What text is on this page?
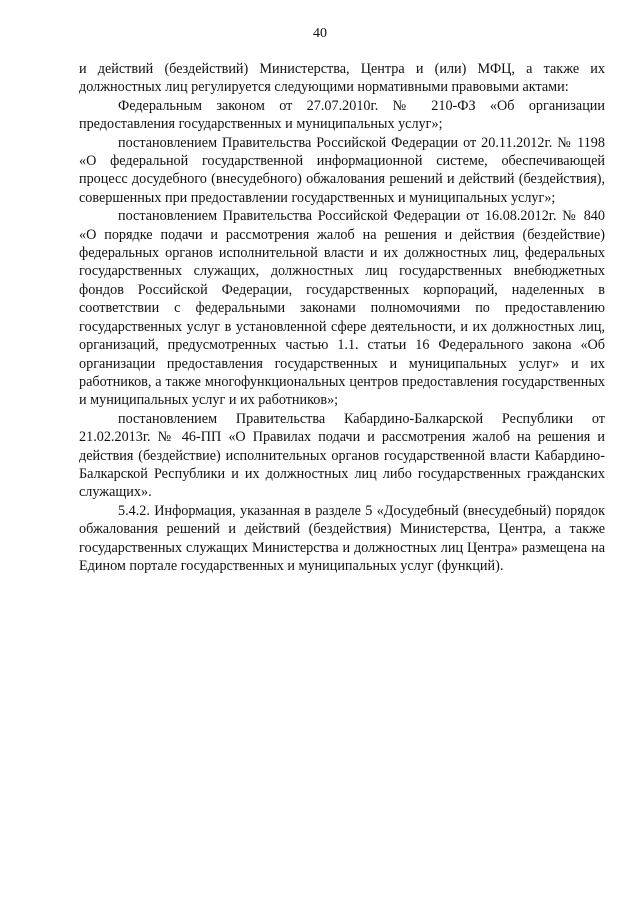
40

и действий (бездействий) Министерства, Центра и (или) МФЦ, а также их должностных лиц регулируется следующими нормативными правовыми актами:

Федеральным законом от 27.07.2010г. № 210-ФЗ «Об организации предоставления государственных и муниципальных услуг»;

постановлением Правительства Российской Федерации от 20.11.2012г. № 1198 «О федеральной государственной информационной системе, обеспечивающей процесс досудебного (внесудебного) обжалования решений и действий (бездействия), совершенных при предоставлении государственных и муниципальных услуг»;

постановлением Правительства Российской Федерации от 16.08.2012г. № 840 «О порядке подачи и рассмотрения жалоб на решения и действия (бездействие) федеральных органов исполнительной власти и их должностных лиц, федеральных государственных служащих, должностных лиц государственных внебюджетных фондов Российской Федерации, государственных корпораций, наделенных в соответствии с федеральными законами полномочиями по предоставлению государственных услуг в установленной сфере деятельности, и их должностных лиц, организаций, предусмотренных частью 1.1. статьи 16 Федерального закона «Об организации предоставления государственных и муниципальных услуг» и их работников, а также многофункциональных центров предоставления государственных и муниципальных услуг и их работников»;

постановлением Правительства Кабардино-Балкарской Республики от 21.02.2013г. № 46-ПП «О Правилах подачи и рассмотрения жалоб на решения и действия (бездействие) исполнительных органов государственной власти Кабардино-Балкарской Республики и их должностных лиц либо государственных гражданских служащих».

5.4.2. Информация, указанная в разделе 5 «Досудебный (внесудебный) порядок обжалования решений и действий (бездействия) Министерства, Центра, а также государственных служащих Министерства и должностных лиц Центра» размещена на Едином портале государственных и муниципальных услуг (функций).
